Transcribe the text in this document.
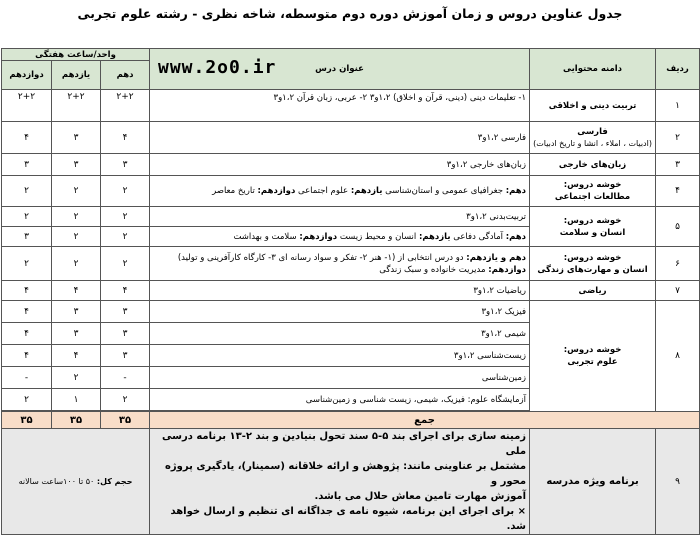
جدول عناوین دروس و زمان آموزش دوره دوم متوسطه، شاخه نظری - رشته علوم تجربی
ردیف	دامنه محتوایی	عنوان درس	واحد/ساعت هفتگی		
			دهم	یازدهم	دوازدهم
۱	تربیت دینی و اخلاقی	۱- تعلیمات دینی (دینی، قرآن و اخلاق) ۱،۲و۳ ۲- عربی، زبان قرآن ۱،۲و۳	۲+۲	۲+۲	۲+۲
۲	فارسی
(ادبیات ، املاء ، انشا و تاریخ ادبیات)	فارسی ۱،۲و۳	۴	۳	۴
۳	زبان‌های خارجی	زبان‌های خارجی ۱،۲و۳	۳	۳	۳
۴	خوشه دروس:
مطالعات اجتماعی	دهم: جغرافیای عمومی و استان‌شناسی یازدهم: علوم اجتماعی دوازدهم: تاریخ معاصر	۲	۲	۲
۵	خوشه دروس:
انسان و سلامت	تربیت‌بدنی ۱،۲و۳	۲	۲	۲
		دهم: آمادگی دفاعی یازدهم: انسان و محیط زیست دوازدهم: سلامت و بهداشت	۲	۲	۳
۶	خوشه دروس:
انسان و مهارت‌های زندگی	دهم و یازدهم: دو درس انتخابی از (۱- هنر ۲- تفکر و سواد رسانه ای ۳- کارگاه کارآفرینی و تولید)
دوازدهم: مدیریت خانواده و سبک زندگی	۲	۲	۲
۷	ریاضی	ریاضیات ۱،۲و۳	۴	۴	۴
۸	خوشه دروس:
علوم تجربی	فیزیک ۱،۲و۳	۳	۳	۴
		شیمی ۱،۲و۳	۳	۳	۴
		زیست‌شناسی ۱،۲و۳	۳	۴	۴
		زمین‌شناسی	-	۲	-
		آزمایشگاه علوم: فیزیک، شیمی، زیست شناسی و زمین‌شناسی	۲	۱	۲

جمع			۳۵	۳۵	۳۵
۹	برنامه ویژه مدرسه	زمینه سازی برای اجرای بند ۵-۵ سند تحول بنیادین و بند ۲-۱۳ برنامه درسی ملی
مشتمل بر عناوینی مانند: پژوهش و ارائه خلاقانه (سمینار)، یادگیری پروژه محور و
آموزش مهارت تامین معاش حلال می باشد.
× برای اجرای این برنامه، شیوه نامه ی جداگانه ای تنظیم و ارسال خواهد شد.	حجم کل: ۵۰ تا ۱۰۰ساعت سالانه		
www.2o0.ir
